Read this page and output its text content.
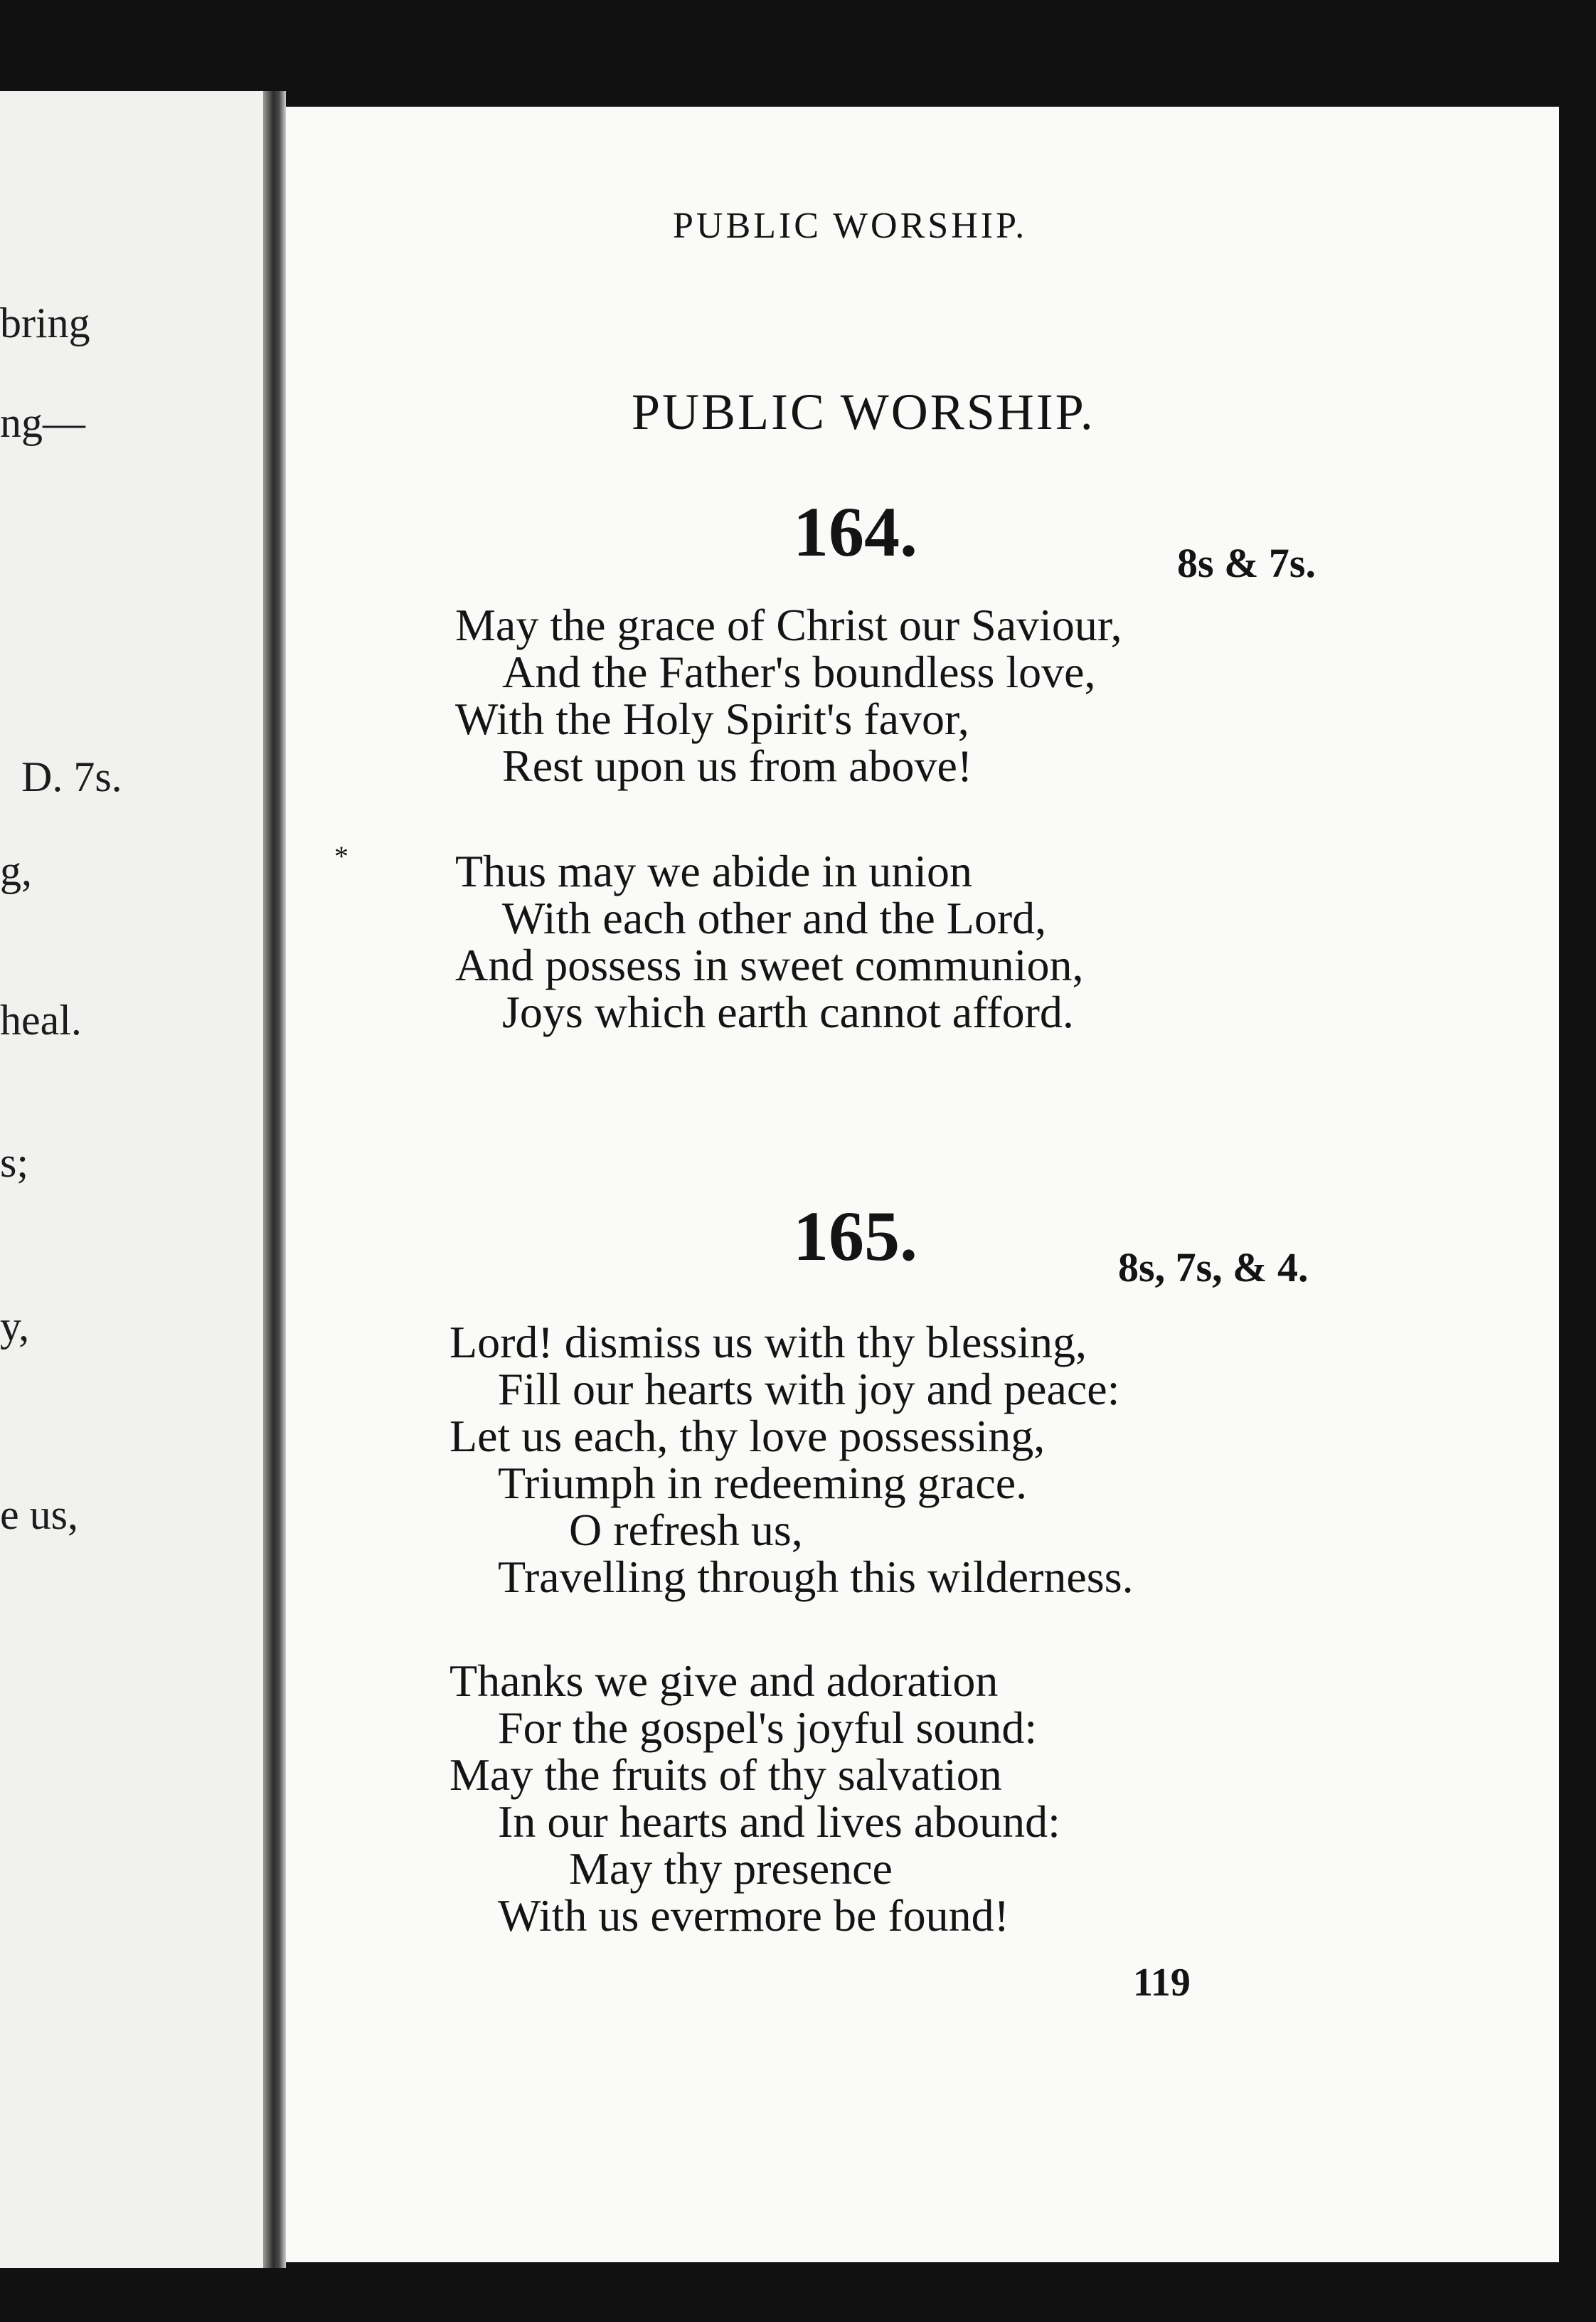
bring
ng—
D. 7s.
g,
heal.
s;
y,
e us,
PUBLIC WORSHIP.
PUBLIC WORSHIP.
164.	8s & 7s.
May the grace of Christ our Saviour,
And the Father's boundless love,
With the Holy Spirit's favor,
Rest upon us from above!
* Thus may we abide in union
With each other and the Lord,
And possess in sweet communion,
Joys which earth cannot afford.
165.	8s, 7s, & 4.
Lord! dismiss us with thy blessing,
Fill our hearts with joy and peace:
Let us each, thy love possessing,
Triumph in redeeming grace.
O refresh us,
Travelling through this wilderness.
Thanks we give and adoration
For the gospel's joyful sound:
May the fruits of thy salvation
In our hearts and lives abound:
May thy presence
With us evermore be found!
119
